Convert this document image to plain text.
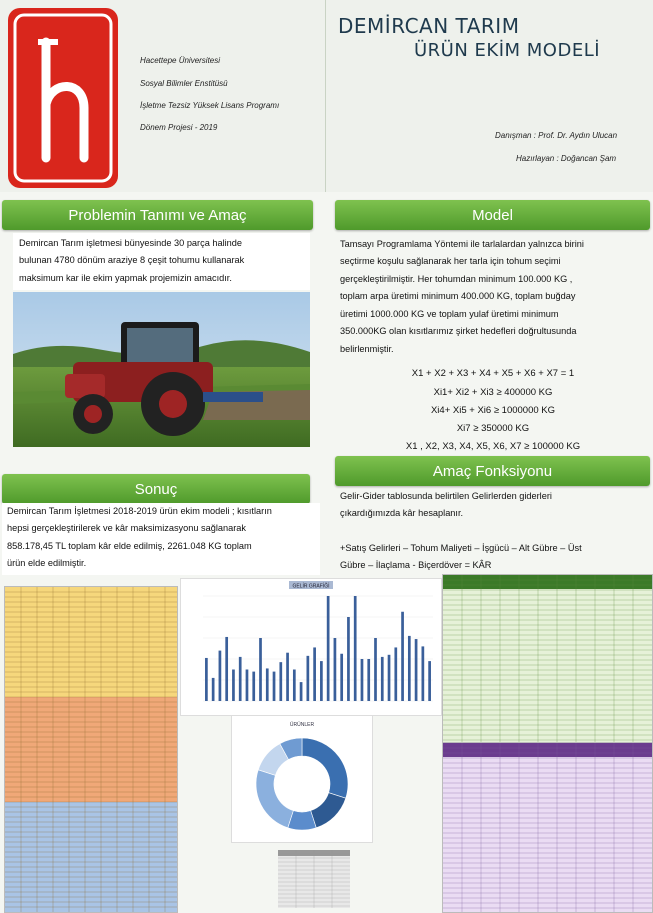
Hacettepe Üniversitesi
Sosyal Bilimler Enstitüsü
İşletme Tezsiz Yüksek Lisans Programı
Dönem Projesi - 2019
DEMİRCAN TARIM
ÜRÜN EKİM MODELİ
Danışman : Prof. Dr. Aydın Ulucan
Hazırlayan : Doğancan Şam
Problemin Tanımı ve Amaç
Demircan Tarım işletmesi bünyesinde 30 parça halinde
bulunan 4780 dönüm araziye 8 çeşit tohumu kullanarak
maksimum kar ile ekim yapmak projemizin amacıdır.
Model
Tamsayı Programlama Yöntemi ile tarlalardan yalnızca birini
seçtirme koşulu sağlanarak her tarla için tohum seçimi
gerçekleştirilmiştir. Her tohumdan minimum 100.000 KG ,
toplam arpa üretimi minimum 400.000 KG, toplam buğday
üretimi 1000.000 KG ve toplam yulaf üretimi minimum
350.000KG olan kısıtlarımız şirket hedefleri doğrultusunda
belirlenmiştir.
X1 + X2 + X3 + X4 + X5 + X6 + X7 = 1
Xi1+ Xi2 + Xi3 ≥ 400000 KG
Xi4+ Xi5 + Xi6 ≥ 1000000 KG
Xi7 ≥ 350000 KG
X1 , X2, X3, X4, X5, X6, X7 ≥ 100000 KG
Sonuç
Demircan Tarım İşletmesi 2018-2019 ürün ekim modeli ; kısıtların
hepsi gerçekleştirilerek ve kâr maksimizasyonu sağlanarak
858.178,45 TL toplam kâr elde edilmiş, 2261.048 KG toplam
ürün elde edilmiştir.
Amaç Fonksiyonu
Gelir-Gider tablosunda belirtilen Gelirlerden giderleri
çıkardığımızda kâr hesaplanır.
+Satış Gelirleri – Tohum Maliyeti – İşgücü – Alt Gübre – Üst
Gübre – İlaçlama - Biçerdöver = KÂR
GELİR GRAFİĞİ
ÜRÜNLER
